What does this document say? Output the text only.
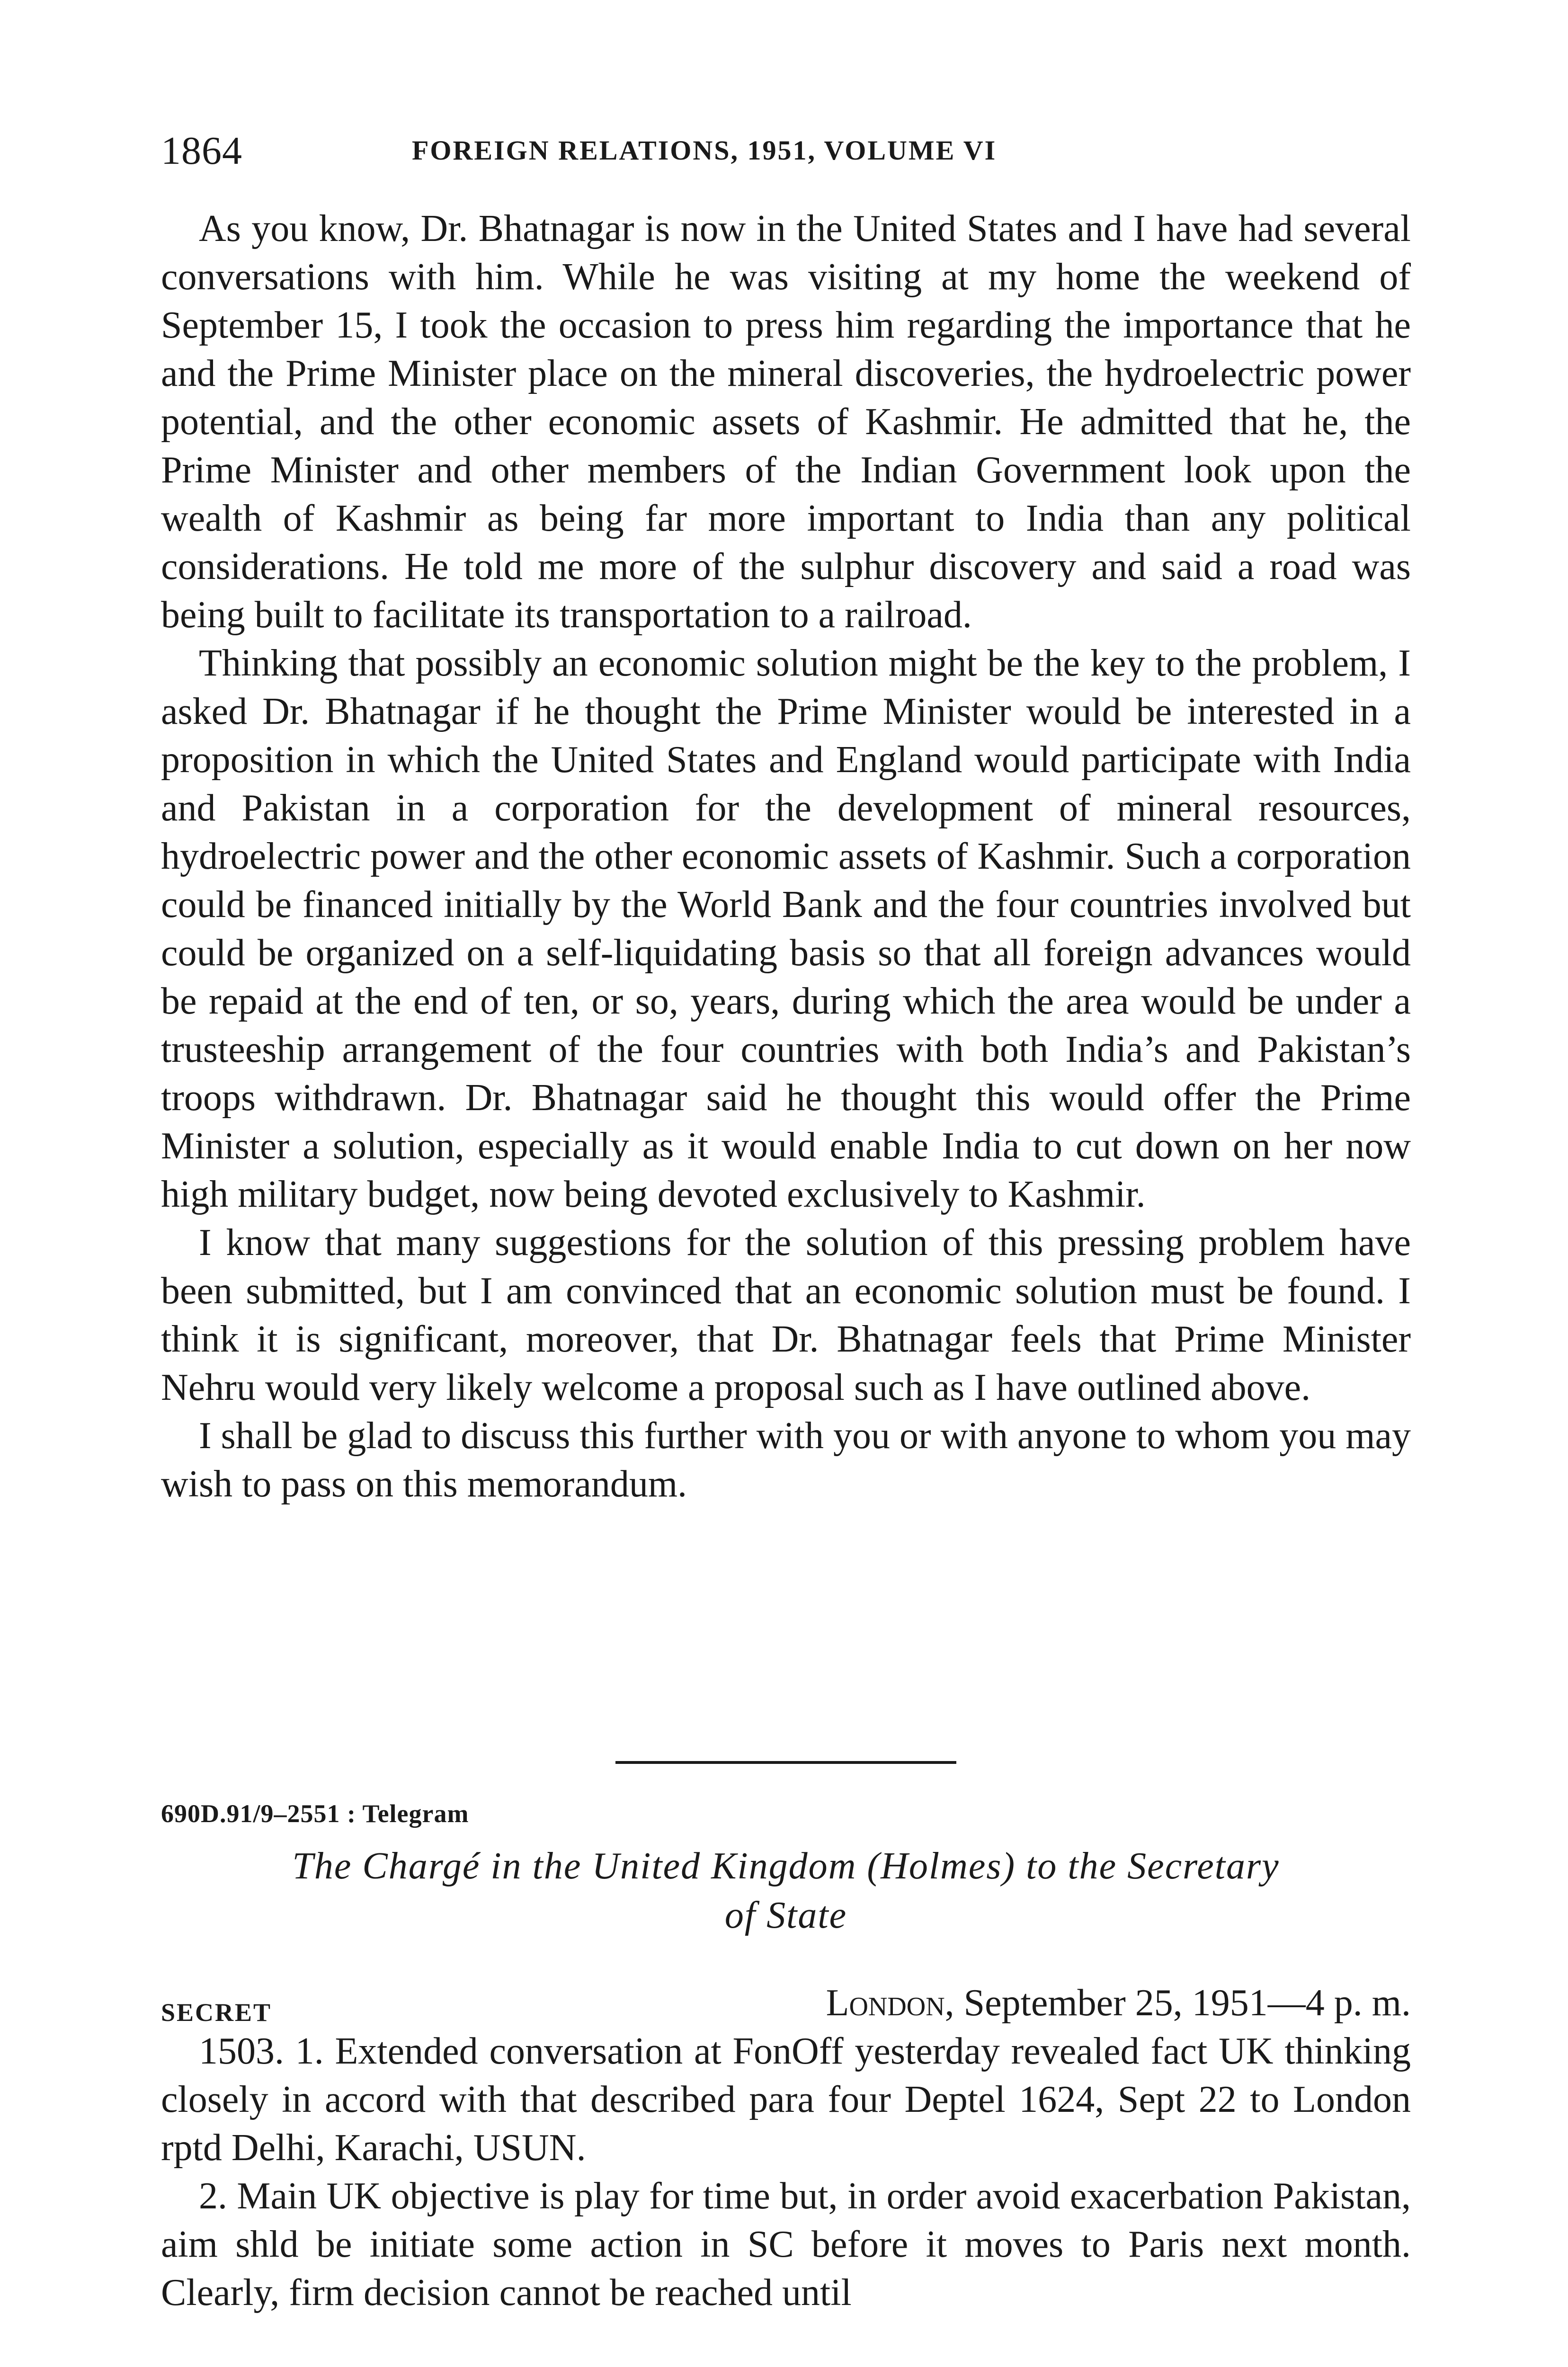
1864	FOREIGN RELATIONS, 1951, VOLUME VI

As you know, Dr. Bhatnagar is now in the United States and I have had several conversations with him. While he was visiting at my home the weekend of September 15, I took the occasion to press him regarding the importance that he and the Prime Minister place on the mineral discoveries, the hydroelectric power potential, and the other economic assets of Kashmir. He admitted that he, the Prime Minister and other members of the Indian Government look upon the wealth of Kashmir as being far more important to India than any political considerations. He told me more of the sulphur discovery and said a road was being built to facilitate its transportation to a railroad.

Thinking that possibly an economic solution might be the key to the problem, I asked Dr. Bhatnagar if he thought the Prime Minister would be interested in a proposition in which the United States and England would participate with India and Pakistan in a corporation for the development of mineral resources, hydroelectric power and the other economic assets of Kashmir. Such a corporation could be financed initially by the World Bank and the four countries involved but could be organized on a self-liquidating basis so that all foreign advances would be repaid at the end of ten, or so, years, during which the area would be under a trusteeship arrangement of the four countries with both India’s and Pakistan’s troops withdrawn. Dr. Bhatnagar said he thought this would offer the Prime Minister a solution, especially as it would enable India to cut down on her now high military budget, now being devoted exclusively to Kashmir.

I know that many suggestions for the solution of this pressing problem have been submitted, but I am convinced that an economic solution must be found. I think it is significant, moreover, that Dr. Bhatnagar feels that Prime Minister Nehru would very likely welcome a proposal such as I have outlined above.

I shall be glad to discuss this further with you or with anyone to whom you may wish to pass on this memorandum.

690D.91/9–2551 : Telegram

The Chargé in the United Kingdom (Holmes) to the Secretary
of State

SECRET	London, September 25, 1951—4 p. m.

1503. 1. Extended conversation at FonOff yesterday revealed fact UK thinking closely in accord with that described para four Deptel 1624, Sept 22 to London rptd Delhi, Karachi, USUN.

2. Main UK objective is play for time but, in order avoid exacerbation Pakistan, aim shld be initiate some action in SC before it moves to Paris next month. Clearly, firm decision cannot be reached until
